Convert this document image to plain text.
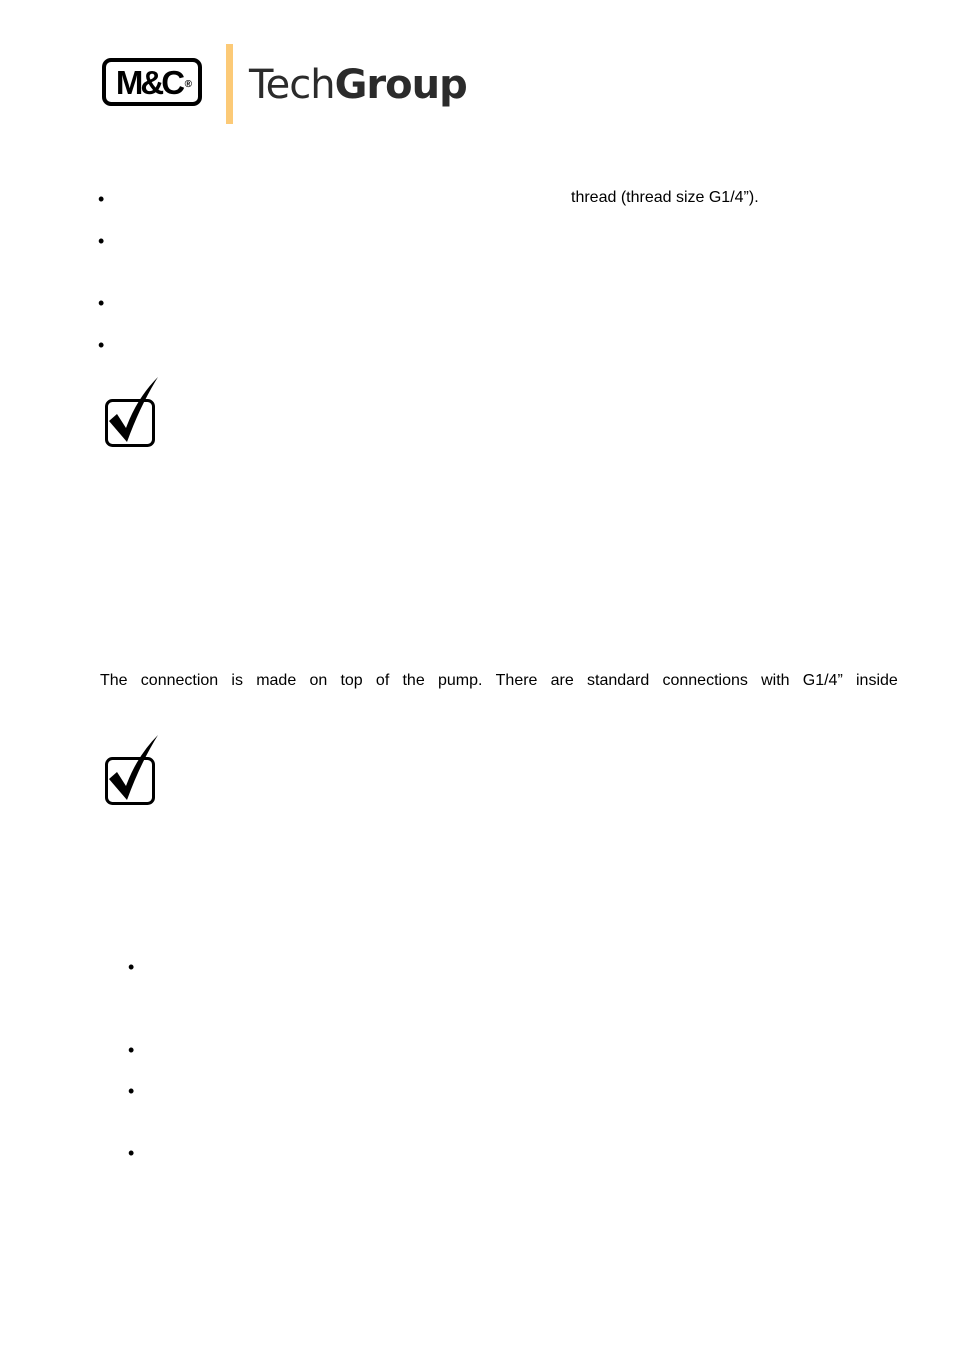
M&C ® TechGroup
•	thread (thread size G1/4”).
•
•
•
The connection is made on top of the pump. There are standard connections with G1/4” inside
•
•
•
•
